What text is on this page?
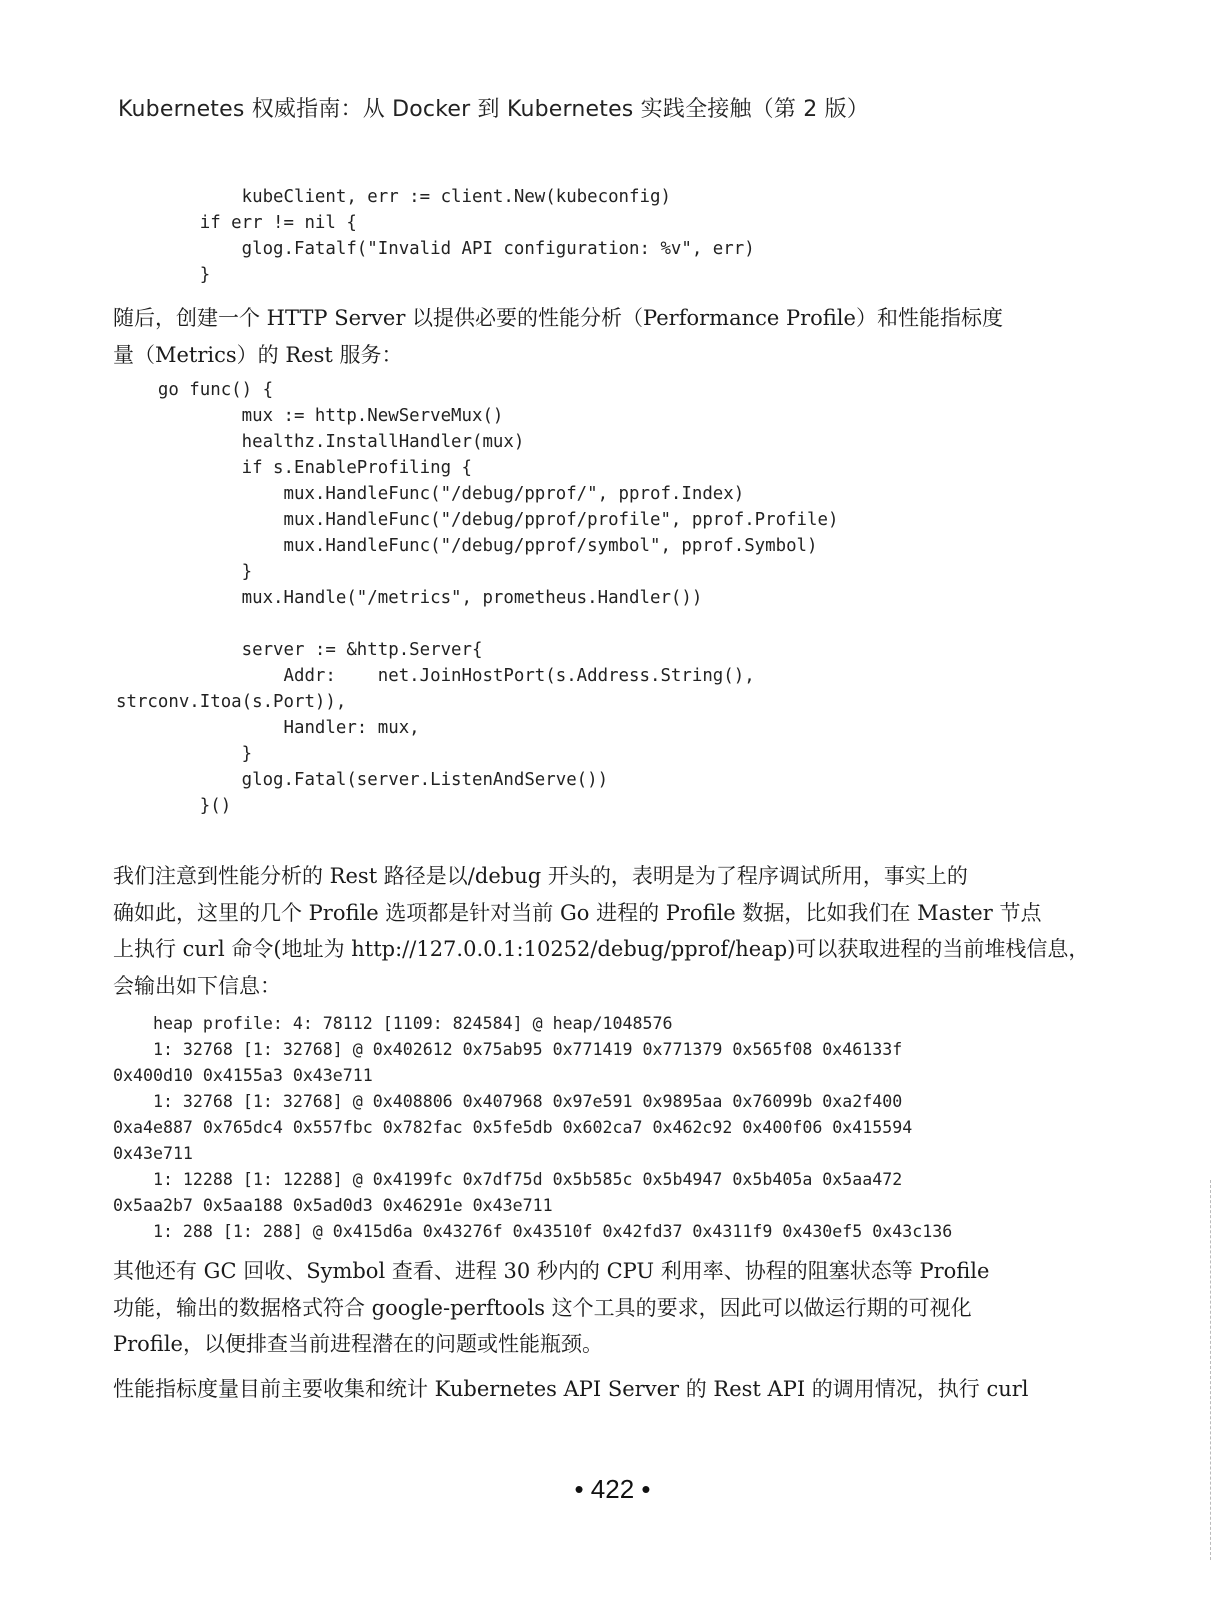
Kubernetes 权威指南：从 Docker 到 Kubernetes 实践全接触（第 2 版）
kubeClient, err := client.New(kubeconfig)
if err != nil {
glog.Fatalf("Invalid API configuration: %v", err)
}

随后，创建一个 HTTP Server 以提供必要的性能分析（Performance Profile）和性能指标度
量（Metrics）的 Rest 服务：

go func() {
mux := http.NewServeMux()
healthz.InstallHandler(mux)
if s.EnableProfiling {
mux.HandleFunc("/debug/pprof/", pprof.Index)
mux.HandleFunc("/debug/pprof/profile", pprof.Profile)
mux.HandleFunc("/debug/pprof/symbol", pprof.Symbol)
}
mux.Handle("/metrics", prometheus.Handler())

server := &http.Server{
Addr:    net.JoinHostPort(s.Address.String(),
strconv.Itoa(s.Port)),
Handler: mux,
}
glog.Fatal(server.ListenAndServe())
}()

我们注意到性能分析的 Rest 路径是以/debug 开头的，表明是为了程序调试所用，事实上的
确如此，这里的几个 Profile 选项都是针对当前 Go 进程的 Profile 数据，比如我们在 Master 节点
上执行 curl 命令(地址为 http://127.0.0.1:10252/debug/pprof/heap)可以获取进程的当前堆栈信息，
会输出如下信息：

heap profile: 4: 78112 [1109: 824584] @ heap/1048576
1: 32768 [1: 32768] @ 0x402612 0x75ab95 0x771419 0x771379 0x565f08 0x46133f
0x400d10 0x4155a3 0x43e711
1: 32768 [1: 32768] @ 0x408806 0x407968 0x97e591 0x9895aa 0x76099b 0xa2f400
0xa4e887 0x765dc4 0x557fbc 0x782fac 0x5fe5db 0x602ca7 0x462c92 0x400f06 0x415594
0x43e711
1: 12288 [1: 12288] @ 0x4199fc 0x7df75d 0x5b585c 0x5b4947 0x5b405a 0x5aa472
0x5aa2b7 0x5aa188 0x5ad0d3 0x46291e 0x43e711
1: 288 [1: 288] @ 0x415d6a 0x43276f 0x43510f 0x42fd37 0x4311f9 0x430ef5 0x43c136

其他还有 GC 回收、Symbol 查看、进程 30 秒内的 CPU 利用率、协程的阻塞状态等 Profile
功能，输出的数据格式符合 google-perftools 这个工具的要求，因此可以做运行期的可视化
Profile，以便排查当前进程潜在的问题或性能瓶颈。

性能指标度量目前主要收集和统计 Kubernetes API Server 的 Rest API 的调用情况，执行 curl

• 422 •
